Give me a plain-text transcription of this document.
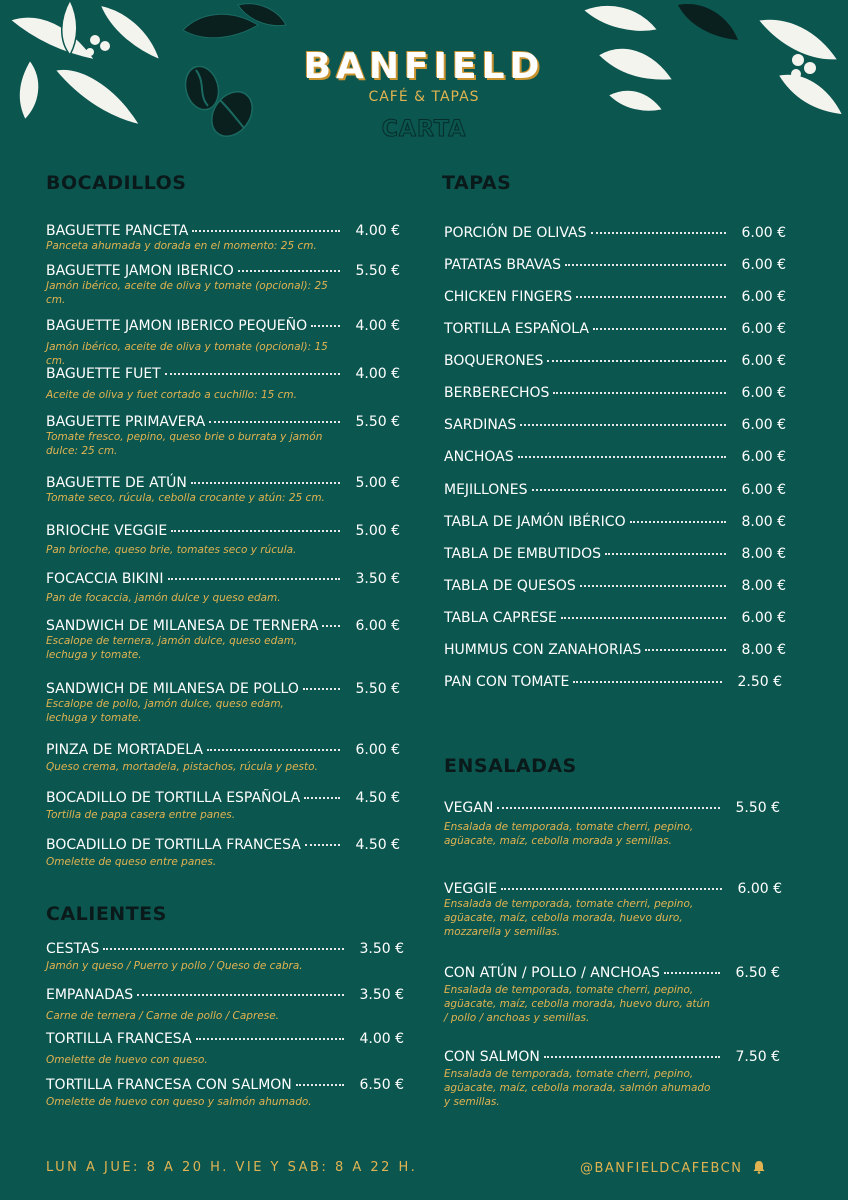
BANFIELD
CAFÉ & TAPAS
CARTA
BOCADILLOS
CALIENTES
TAPAS
ENSALADAS
BAGUETTE PANCETA	4.00 €
Panceta ahumada y dorada en el momento: 25 cm.
BAGUETTE JAMON IBERICO	5.50 €
Jamón ibérico, aceite de oliva y tomate (opcional): 25 cm.
BAGUETTE JAMON IBERICO PEQUEÑO	4.00 €
Jamón ibérico, aceite de oliva y tomate (opcional): 15 cm.
BAGUETTE FUET	4.00 €
Aceite de oliva y fuet cortado a cuchillo: 15 cm.
BAGUETTE PRIMAVERA	5.50 €
Tomate fresco, pepino, queso brie o burrata y jamón dulce: 25 cm.
BAGUETTE DE ATÚN	5.00 €
Tomate seco, rúcula, cebolla crocante y atún: 25 cm.
BRIOCHE VEGGIE	5.00 €
Pan brioche, queso brie, tomates seco y rúcula.
FOCACCIA BIKINI	3.50 €
Pan de focaccia, jamón dulce y queso edam.
SANDWICH DE MILANESA DE TERNERA	6.00 €
Escalope de ternera, jamón dulce, queso edam, lechuga y tomate.
SANDWICH DE MILANESA DE POLLO	5.50 €
Escalope de pollo, jamón dulce, queso edam, lechuga y tomate.
PINZA DE MORTADELA	6.00 €
Queso crema, mortadela, pistachos, rúcula y pesto.
BOCADILLO DE TORTILLA ESPAÑOLA	4.50 €
Tortilla de papa casera entre panes.
BOCADILLO DE TORTILLA FRANCESA	4.50 €
Omelette de queso entre panes.
CESTAS	3.50 €
Jamón y queso / Puerro y pollo / Queso de cabra.
EMPANADAS	3.50 €
Carne de ternera / Carne de pollo / Caprese.
TORTILLA FRANCESA	4.00 €
Omelette de huevo con queso.
TORTILLA FRANCESA CON SALMON	6.50 €
Omelette de huevo con queso y salmón ahumado.
PORCIÓN DE OLIVAS	6.00 €
PATATAS BRAVAS	6.00 €
CHICKEN FINGERS	6.00 €
TORTILLA ESPAÑOLA	6.00 €
BOQUERONES	6.00 €
BERBERECHOS	6.00 €
SARDINAS	6.00 €
ANCHOAS	6.00 €
MEJILLONES	6.00 €
TABLA DE JAMÓN IBÉRICO	8.00 €
TABLA DE EMBUTIDOS	8.00 €
TABLA DE QUESOS	8.00 €
TABLA CAPRESE	6.00 €
HUMMUS CON ZANAHORIAS	8.00 €
PAN CON TOMATE	2.50 €
VEGAN	5.50 €
Ensalada de temporada, tomate cherri, pepino, agüacate, maíz, cebolla morada y semillas.
VEGGIE	6.00 €
Ensalada de temporada, tomate cherri, pepino, agüacate, maíz, cebolla morada, huevo duro, mozzarella y semillas.
CON ATÚN / POLLO / ANCHOAS	6.50 €
Ensalada de temporada, tomate cherri, pepino, agüacate, maíz, cebolla morada, huevo duro, atún / pollo / anchoas y semillas.
CON SALMON	7.50 €
Ensalada de temporada, tomate cherri, pepino, agüacate, maíz, cebolla morada, salmón ahumado y semillas.
LUN A JUE: 8 A 20 H. VIE Y SAB: 8 A 22 H.	@BANFIELDCAFEBCN
